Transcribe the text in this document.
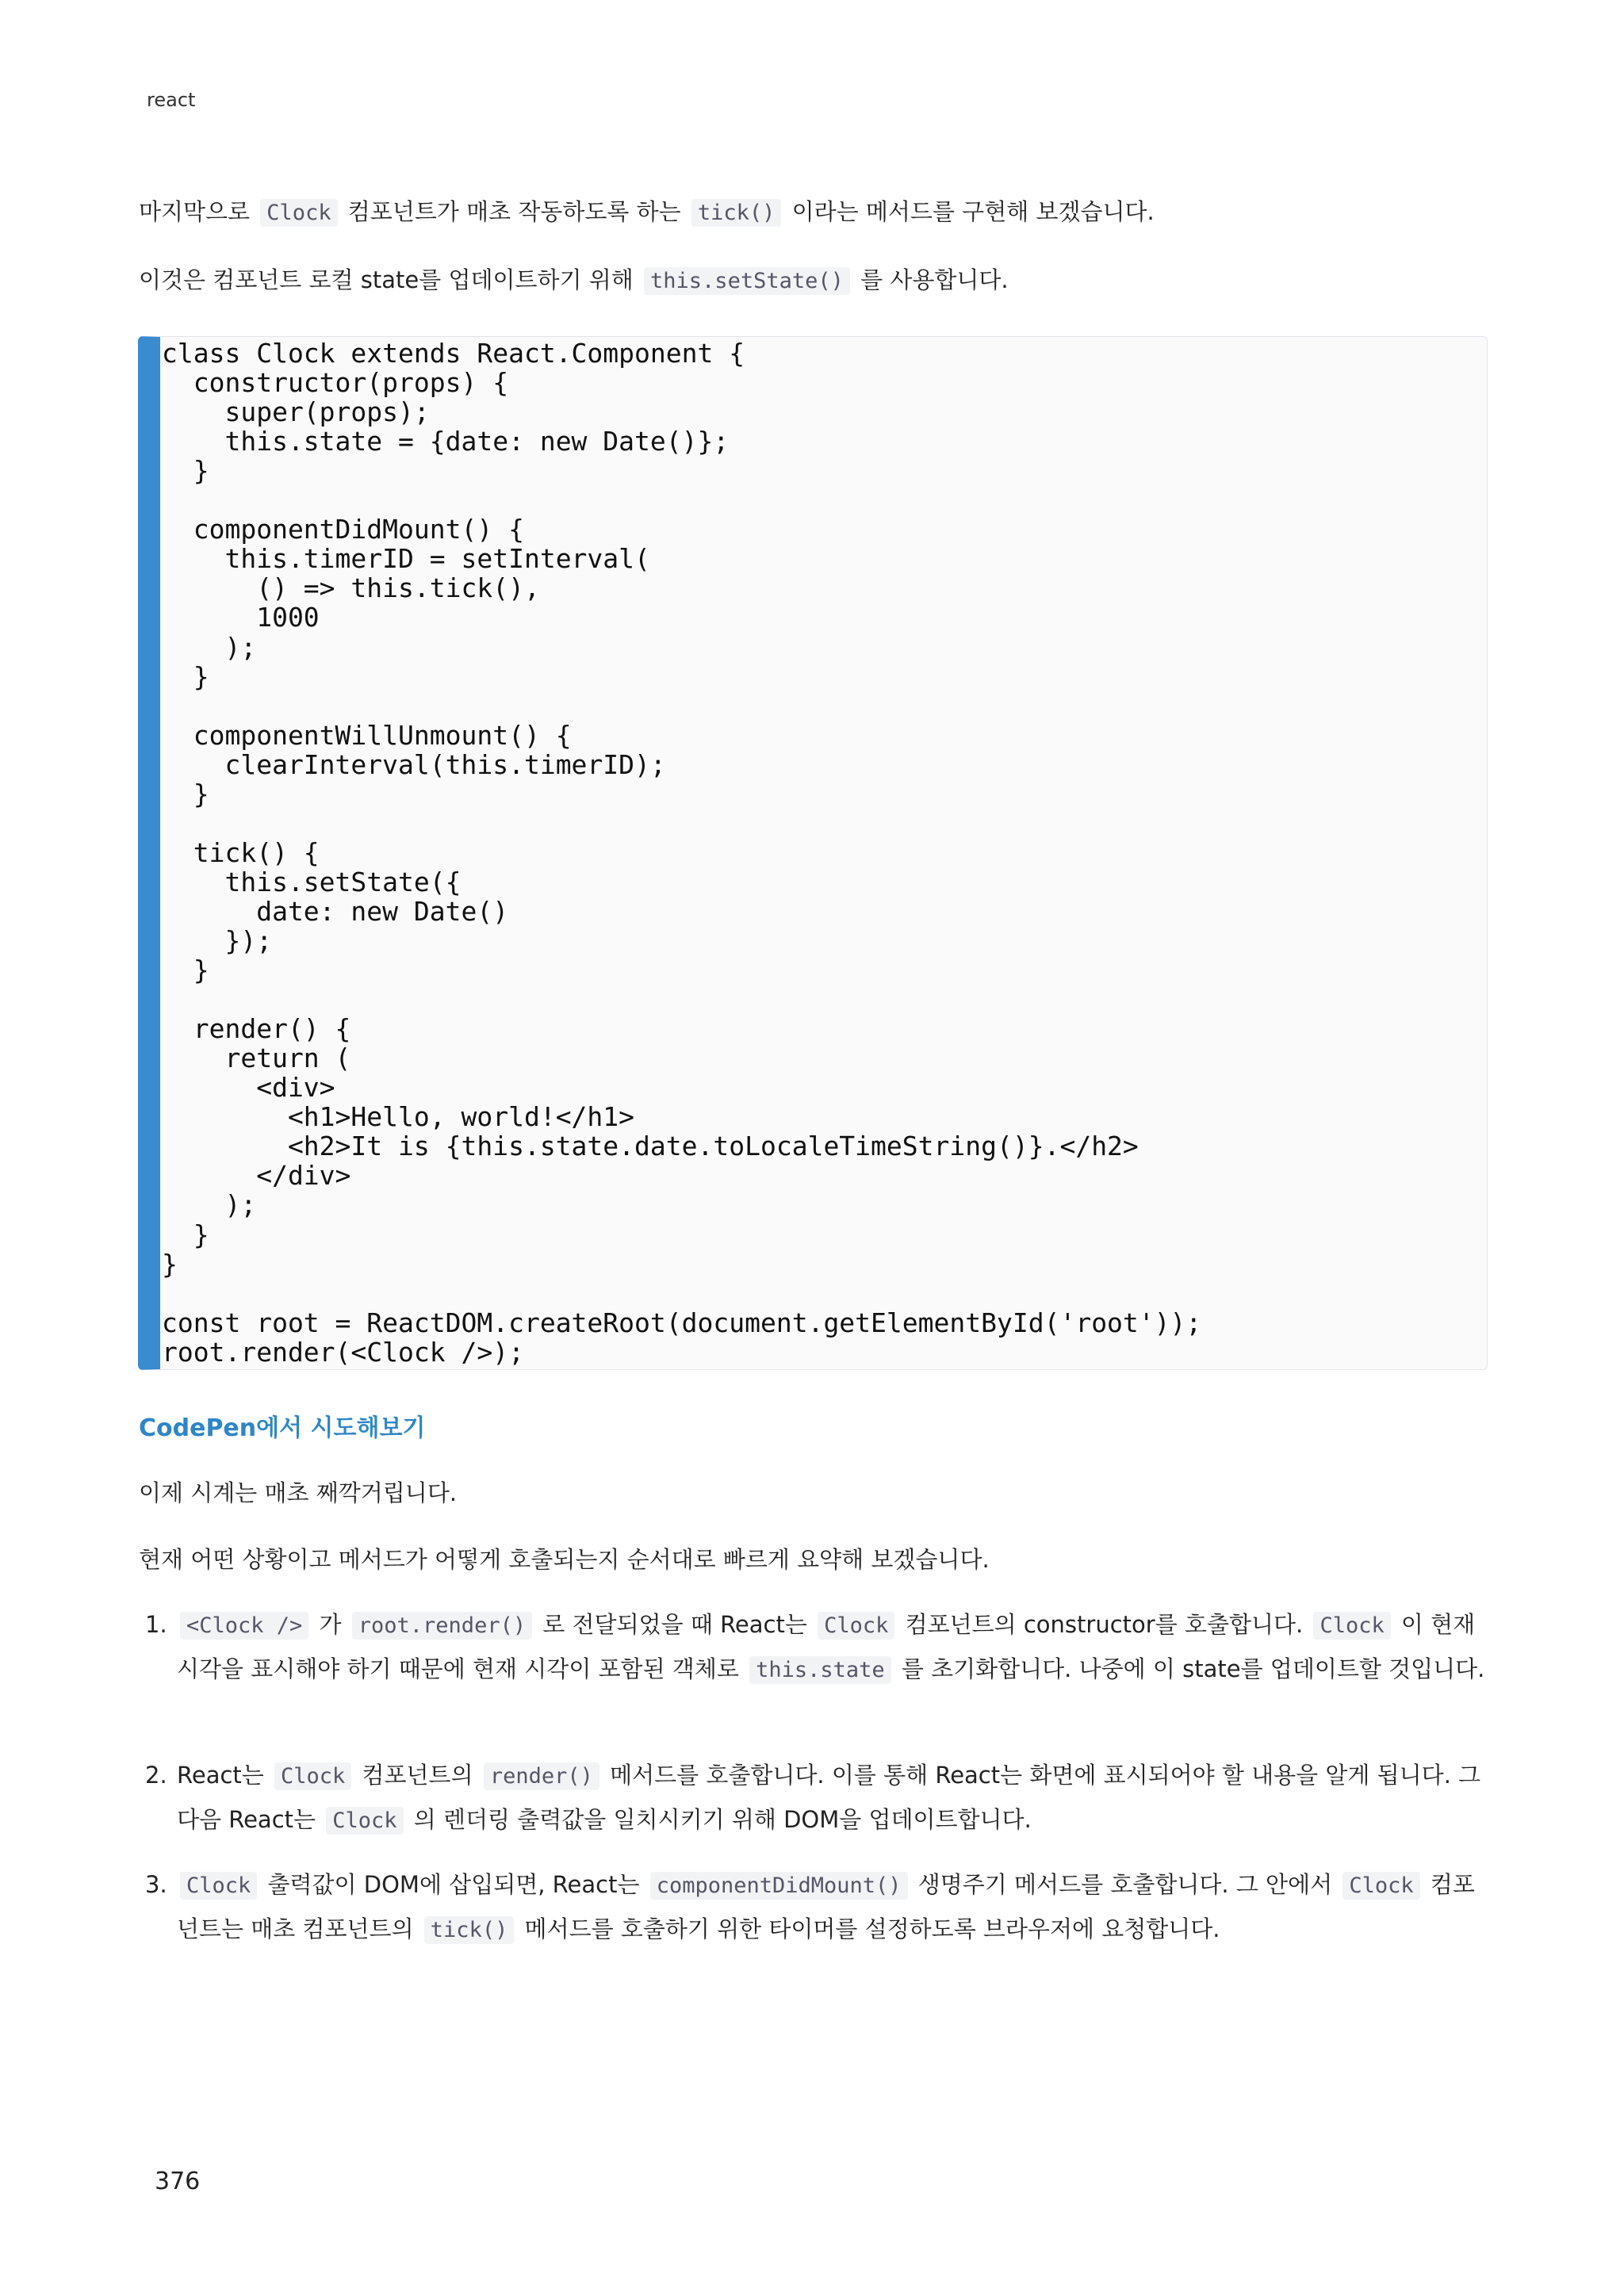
react
마지막으로 Clock 컴포넌트가 매초 작동하도록 하는 tick() 이라는 메서드를 구현해 보겠습니다.
이것은 컴포넌트 로컬 state를 업데이트하기 위해 this.setState() 를 사용합니다.
class Clock extends React.Component {
constructor(props) {
super(props);
this.state = {date: new Date()};
}
componentDidMount() {
this.timerID = setInterval(
() => this.tick(),
1000
);
}
componentWillUnmount() {
clearInterval(this.timerID);
}
tick() {
this.setState({
date: new Date()
});
}
render() {
return (
<div>
<h1>Hello, world!</h1>
<h2>It is {this.state.date.toLocaleTimeString()}.</h2>
</div>
);
}
}
const root = ReactDOM.createRoot(document.getElementById('root'));
root.render(<Clock />);
CodePen에서 시도해보기
이제 시계는 매초 째깍거립니다.
현재 어떤 상황이고 메서드가 어떻게 호출되는지 순서대로 빠르게 요약해 보겠습니다.
1. <Clock /> 가 root.render() 로 전달되었을 때 React는 Clock 컴포넌트의 constructor를 호출합니다. Clock 이 현재 시각을 표시해야 하기 때문에 현재 시각이 포함된 객체로 this.state 를 초기화합니다. 나중에 이 state를 업데이트할 것입니다.
2. React는 Clock 컴포넌트의 render() 메서드를 호출합니다. 이를 통해 React는 화면에 표시되어야 할 내용을 알게 됩니다. 그 다음 React는 Clock 의 렌더링 출력값을 일치시키기 위해 DOM을 업데이트합니다.
3. Clock 출력값이 DOM에 삽입되면, React는 componentDidMount() 생명주기 메서드를 호출합니다. 그 안에서 Clock 컴포넌트는 매초 컴포넌트의 tick() 메서드를 호출하기 위한 타이머를 설정하도록 브라우저에 요청합니다.
376
